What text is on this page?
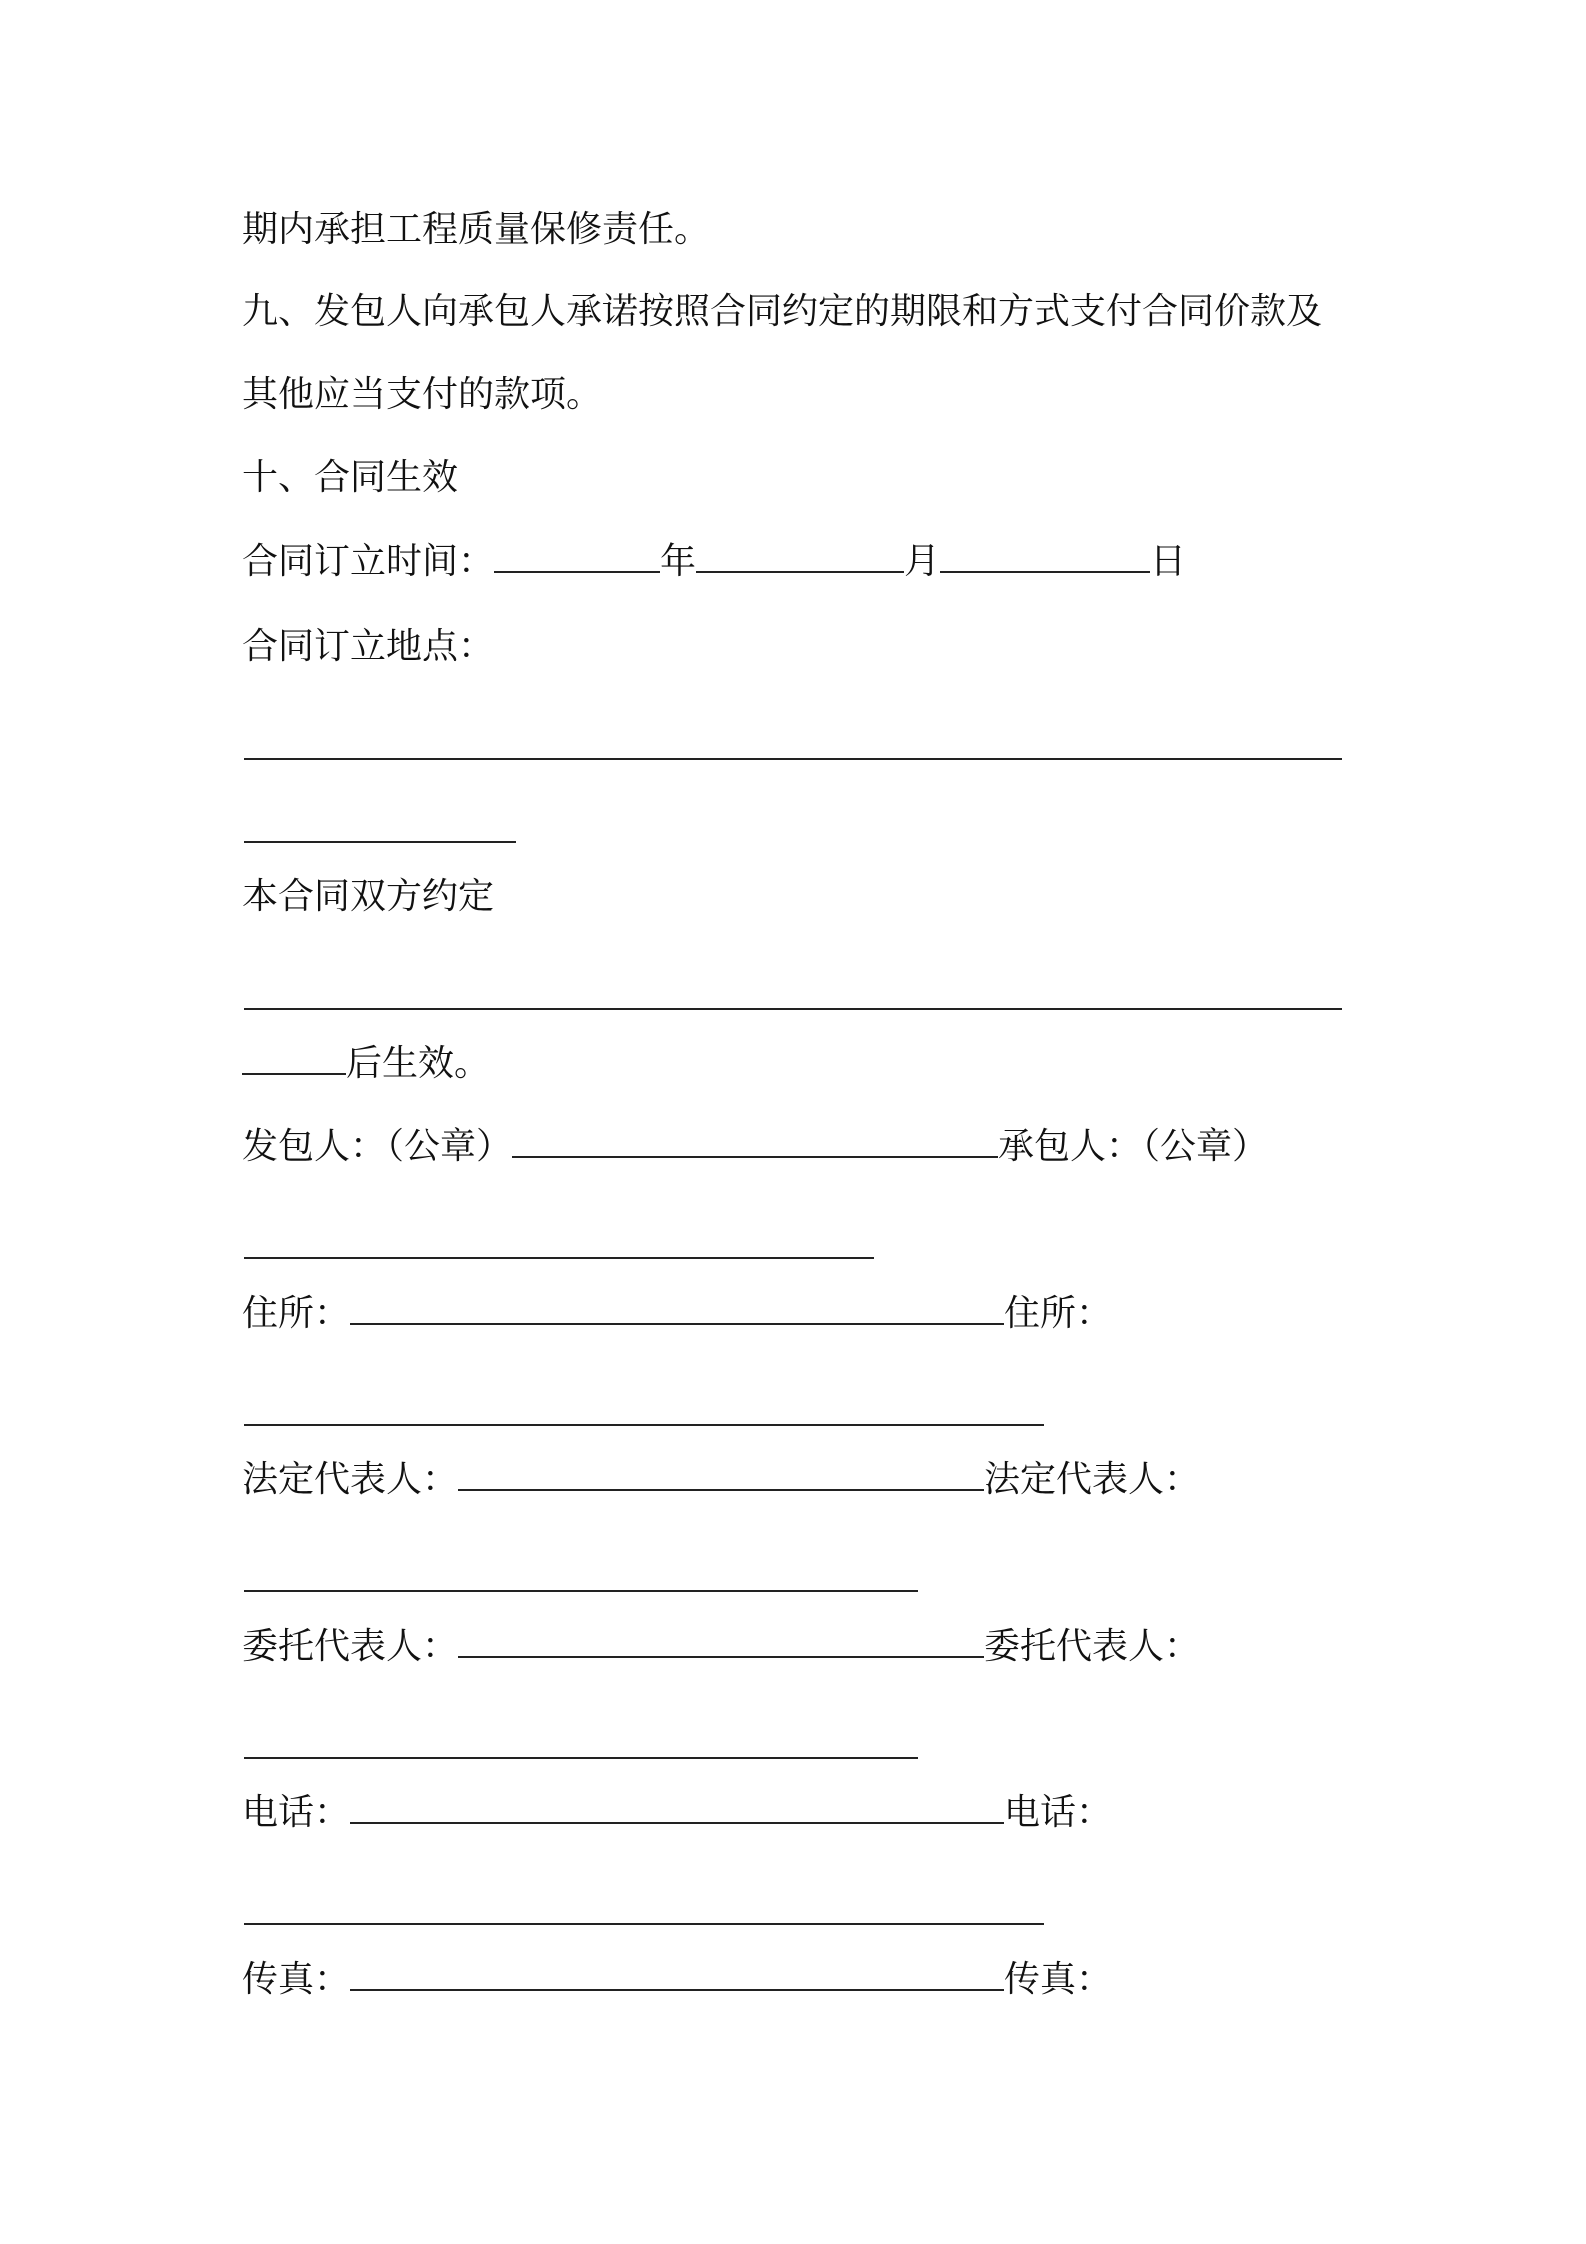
期内承担工程质量保修责任。
九、发包人向承包人承诺按照合同约定的期限和方式支付合同价款及
其他应当支付的款项。
十、合同生效
合同订立时间：	年	月	日
合同订立地点：
本合同双方约定
后生效。
发包人：（公章）	承包人：（公章）
住所：	住所：
法定代表人：	法定代表人：
委托代表人：	委托代表人：
电话：	电话：
传真：	传真：
